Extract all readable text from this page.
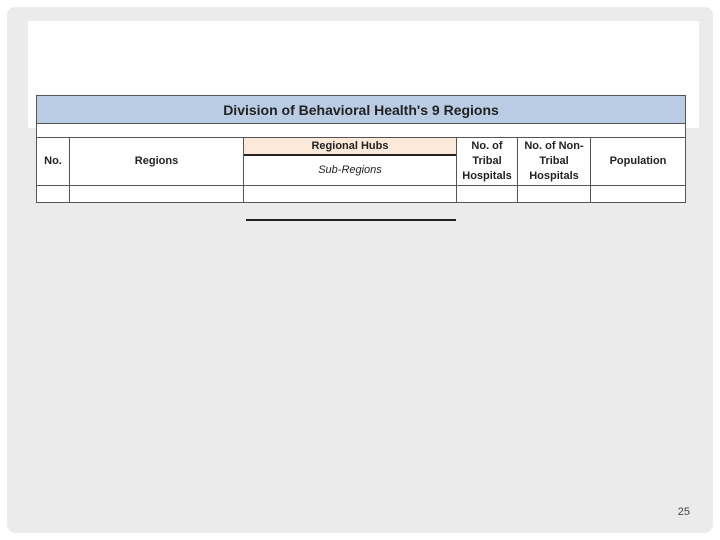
Division of Behavioral Health's 9 Regions
No.	Regions
Regional Hubs
Sub-Regions
No. of Tribal Hospitals
No. of Non-Tribal Hospitals
Population
25
